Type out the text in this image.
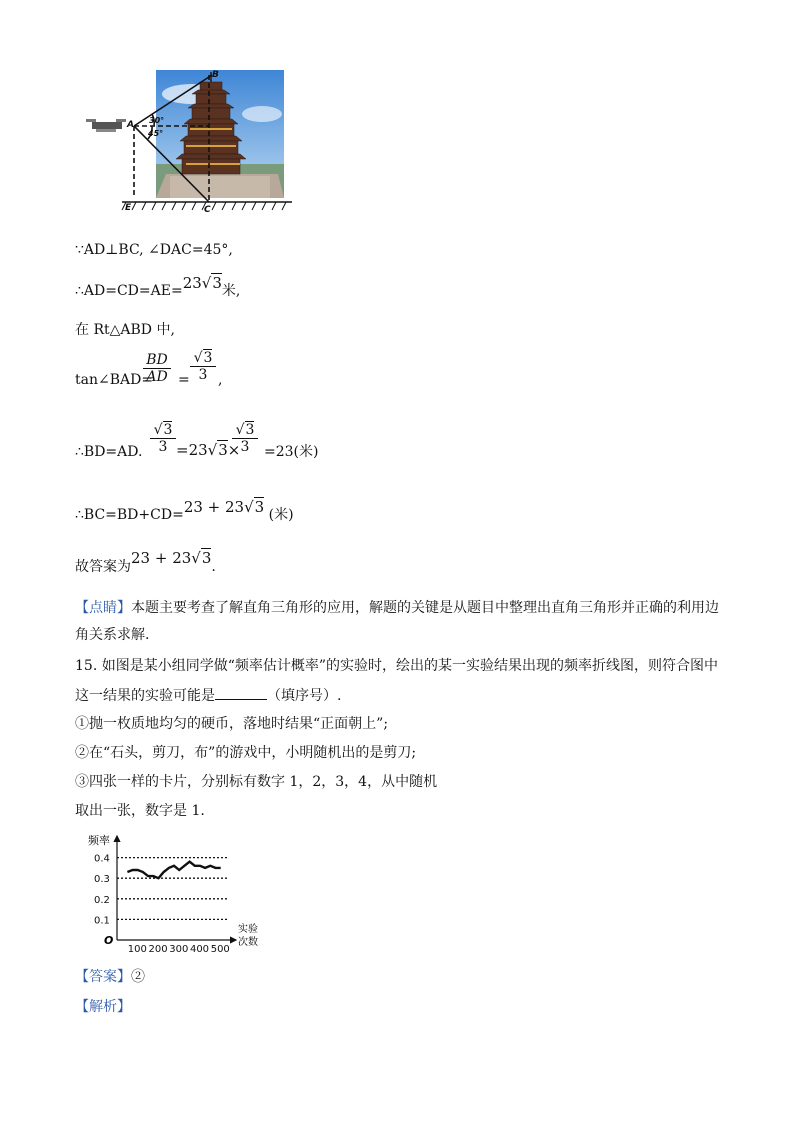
A
B
C
E
30°
45°
∵AD⊥BC, ∠DAC=45°,
∴AD=CD=AE=23√3米,
在 Rt△ABD 中,
tan∠BAD=
$\frac{BD}{AD} = \frac{√3}{3}$ ,
∴BD=AD. $\frac{√3}{3} =23√3\times$
$\frac{√3}{3} =23$(米)
∴BC=BD+CD=23 + 23√3 (米)
故答案为23 + 23√3.
【点睛】本题主要考查了解直角三角形的应用，解题的关键是从题目中整理出直角三角形并正确的利用边
角关系求解.
15. 如图是某小组同学做“频率估计概率”的实验时，绘出的某一实验结果出现的频率折线图，则符合图中
这一结果的实验可能是	（填序号）.
①抛一枚质地均匀的硬币，落地时结果“正面朝上”;
②在“石头，剪刀，布”的游戏中，小明随机出的是剪刀;
③四张一样的卡片，分别标有数字 1，2，3，4，从中随机
取出一张，数字是 1.
0.1
0.2
0.3
0.4
100 200 300 400 500
频率
实验
次数
O
【答案】②
【解析】
